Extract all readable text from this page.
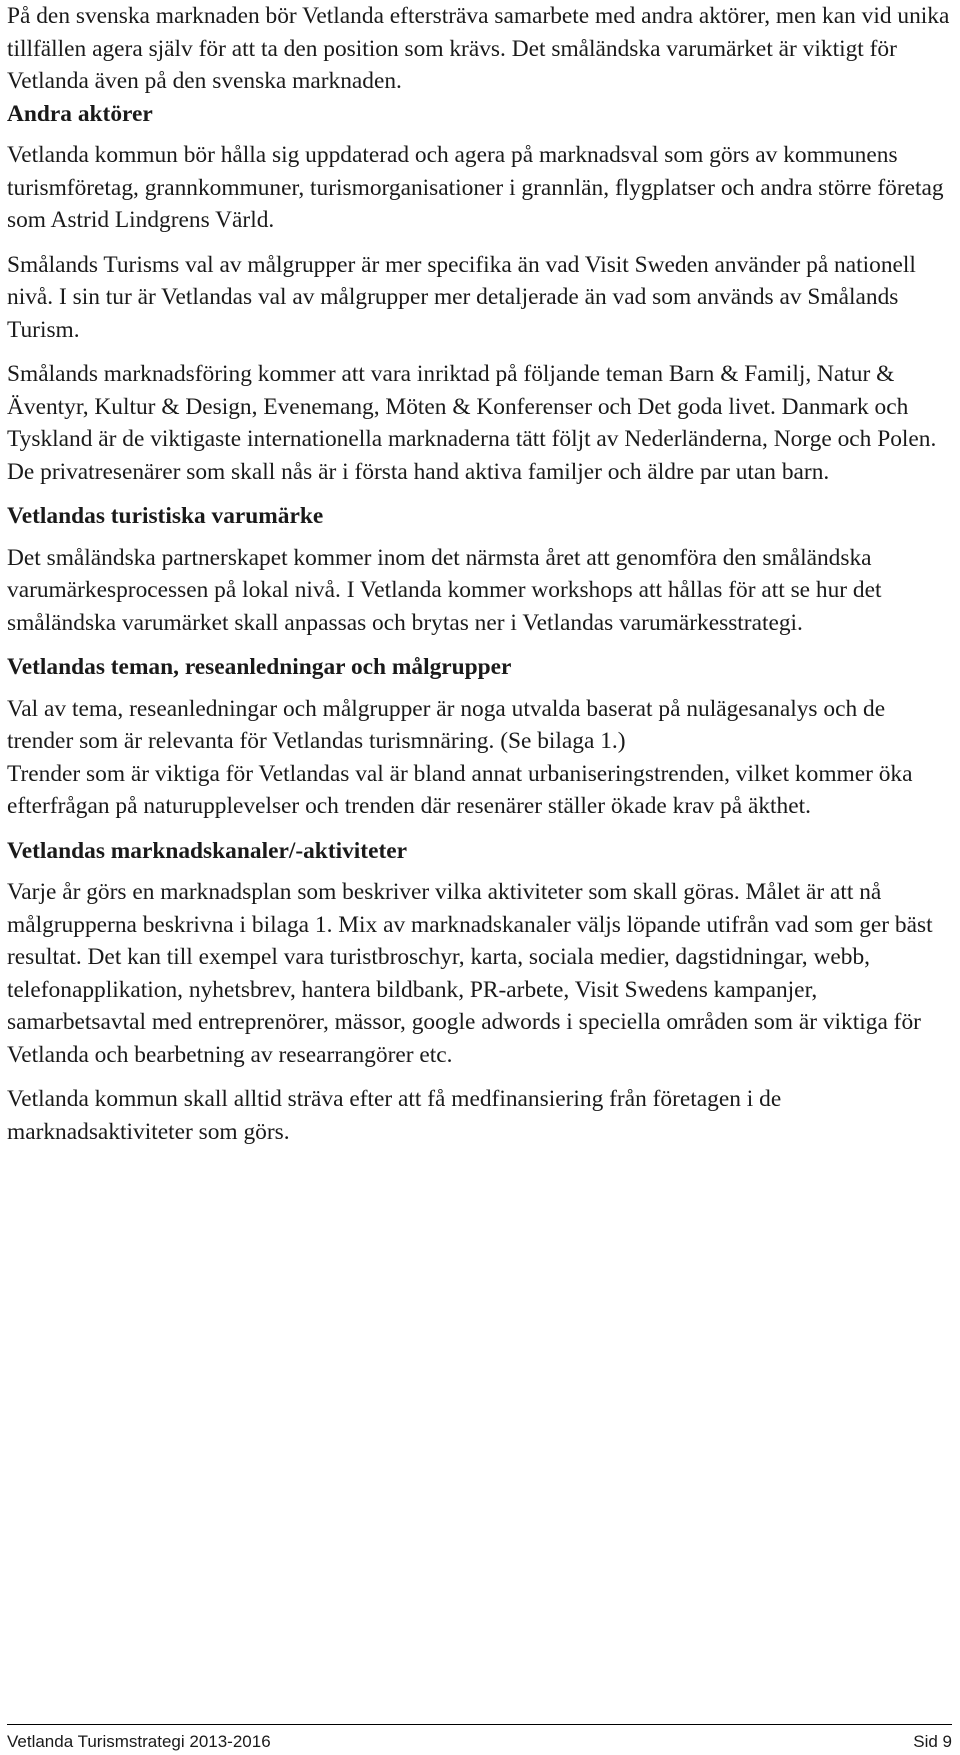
På den svenska marknaden bör Vetlanda eftersträva samarbete med andra aktörer, men kan vid unika tillfällen agera själv för att ta den position som krävs. Det småländska varumärket är viktigt för Vetlanda även på den svenska marknaden.

Andra aktörer

Vetlanda kommun bör hålla sig uppdaterad och agera på marknadsval som görs av kommunens turismföretag, grannkommuner, turismorganisationer i grannlän, flygplatser och andra större företag som Astrid Lindgrens Värld.

Smålands Turisms val av målgrupper är mer specifika än vad Visit Sweden använder på nationell nivå. I sin tur är Vetlandas val av målgrupper mer detaljerade än vad som används av Smålands Turism.

Smålands marknadsföring kommer att vara inriktad på följande teman Barn & Familj, Natur & Äventyr, Kultur & Design, Evenemang, Möten & Konferenser och Det goda livet. Danmark och Tyskland är de viktigaste internationella marknaderna tätt följt av Nederländerna, Norge och Polen. De privatresenärer som skall nås är i första hand aktiva familjer och äldre par utan barn.

Vetlandas turistiska varumärke

Det småländska partnerskapet kommer inom det närmsta året att genomföra den småländska varumärkesprocessen på lokal nivå. I Vetlanda kommer workshops att hållas för att se hur det småländska varumärket skall anpassas och brytas ner i Vetlandas varumärkesstrategi.

Vetlandas teman, reseanledningar och målgrupper

Val av tema, reseanledningar och målgrupper är noga utvalda baserat på nulägesanalys och de trender som är relevanta för Vetlandas turismnäring. (Se bilaga 1.)

Trender som är viktiga för Vetlandas val är bland annat urbaniseringstrenden, vilket kommer öka efterfrågan på naturupplevelser och trenden där resenärer ställer ökade krav på äkthet.

Vetlandas marknadskanaler/-aktiviteter

Varje år görs en marknadsplan som beskriver vilka aktiviteter som skall göras. Målet är att nå målgrupperna beskrivna i bilaga 1. Mix av marknadskanaler väljs löpande utifrån vad som ger bäst resultat. Det kan till exempel vara turistbroschyr, karta, sociala medier, dagstidningar, webb, telefonapplikation, nyhetsbrev, hantera bildbank, PR-arbete, Visit Swedens kampanjer, samarbetsavtal med entreprenörer, mässor, google adwords i speciella områden som är viktiga för Vetlanda och bearbetning av researrangörer etc.

Vetlanda kommun skall alltid sträva efter att få medfinansiering från företagen i de marknadsaktiviteter som görs.

Vetlanda Turismstrategi 2013-2016	Sid 9
